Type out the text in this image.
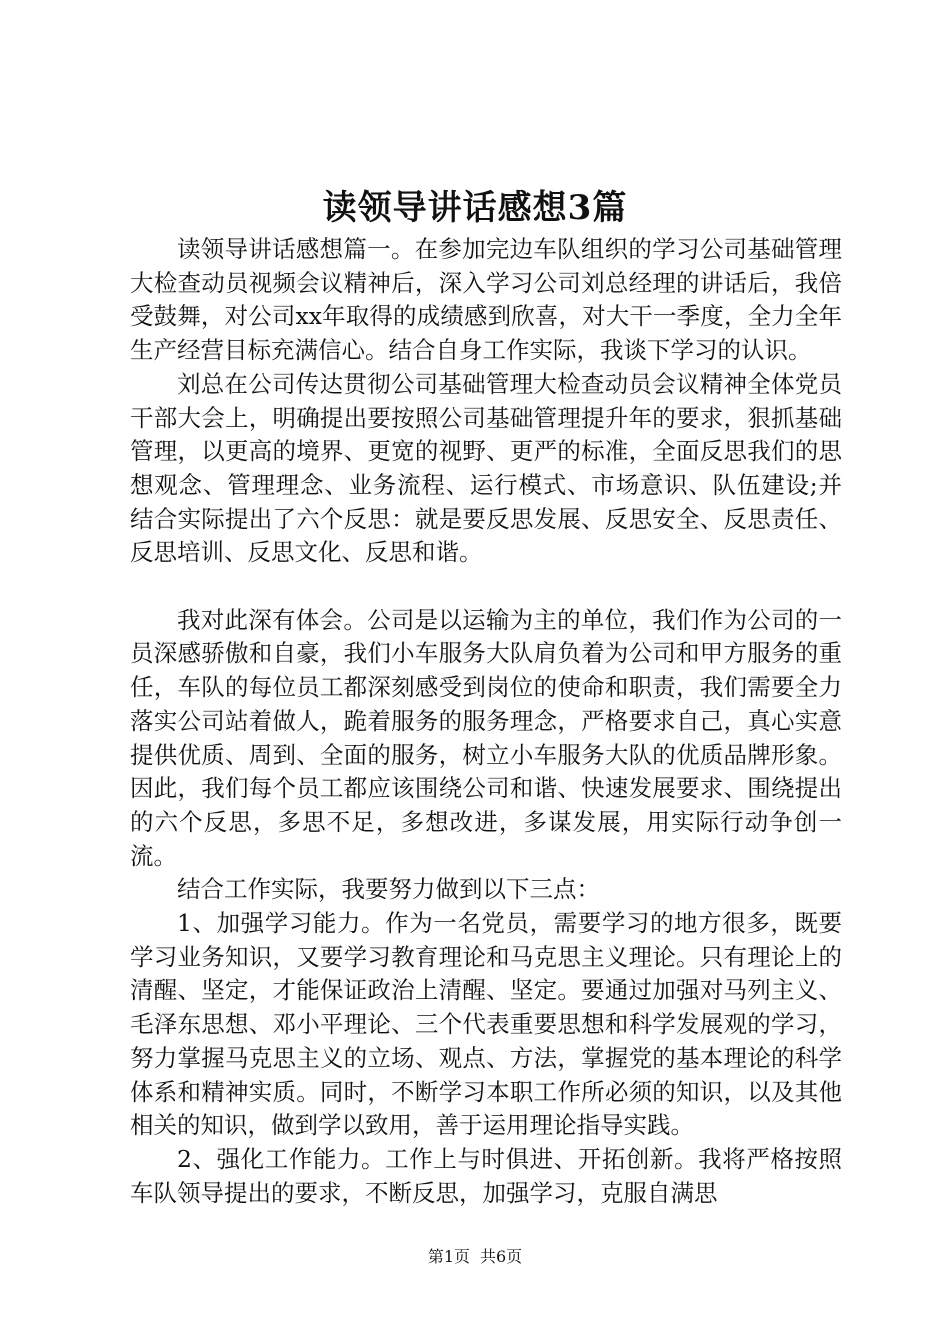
读领导讲话感想3篇

读领导讲话感想篇一。在参加完边车队组织的学习公司基础管理大检查动员视频会议精神后，深入学习公司刘总经理的讲话后，我倍受鼓舞，对公司xx年取得的成绩感到欣喜，对大干一季度，全力全年生产经营目标充满信心。结合自身工作实际，我谈下学习的认识。

刘总在公司传达贯彻公司基础管理大检查动员会议精神全体党员干部大会上，明确提出要按照公司基础管理提升年的要求，狠抓基础管理，以更高的境界、更宽的视野、更严的标准，全面反思我们的思想观念、管理理念、业务流程、运行模式、市场意识、队伍建设;并结合实际提出了六个反思：就是要反思发展、反思安全、反思责任、反思培训、反思文化、反思和谐。

我对此深有体会。公司是以运输为主的单位，我们作为公司的一员深感骄傲和自豪，我们小车服务大队肩负着为公司和甲方服务的重任，车队的每位员工都深刻感受到岗位的使命和职责，我们需要全力落实公司站着做人，跪着服务的服务理念，严格要求自己，真心实意提供优质、周到、全面的服务，树立小车服务大队的优质品牌形象。因此，我们每个员工都应该围绕公司和谐、快速发展要求、围绕提出的六个反思，多思不足，多想改进，多谋发展，用实际行动争创一流。

结合工作实际，我要努力做到以下三点：

1、加强学习能力。作为一名党员，需要学习的地方很多，既要学习业务知识，又要学习教育理论和马克思主义理论。只有理论上的清醒、坚定，才能保证政治上清醒、坚定。要通过加强对马列主义、毛泽东思想、邓小平理论、三个代表重要思想和科学发展观的学习，努力掌握马克思主义的立场、观点、方法，掌握党的基本理论的科学体系和精神实质。同时，不断学习本职工作所必须的知识，以及其他相关的知识，做到学以致用，善于运用理论指导实践。

2、强化工作能力。工作上与时俱进、开拓创新。我将严格按照车队领导提出的要求，不断反思，加强学习，克服自满思

第1页 共6页
